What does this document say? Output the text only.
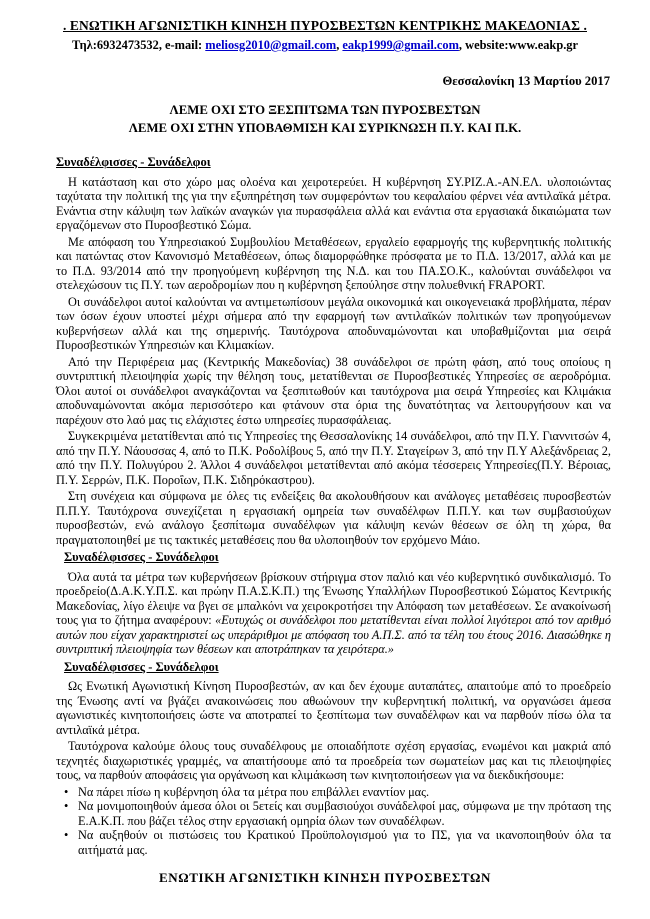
. ΕΝΩΤΙΚΗ ΑΓΩΝΙΣΤΙΚΗ ΚΙΝΗΣΗ ΠΥΡΟΣΒΕΣΤΩΝ ΚΕΝΤΡΙΚΗΣ ΜΑΚΕΔΟΝΙΑΣ .
Τηλ:6932473532, e-mail: meliosg2010@gmail.com, eakp1999@gmail.com, website:www.eakp.gr
Θεσσαλονίκη 13 Μαρτίου 2017
ΛΕΜΕ ΟΧΙ ΣΤΟ ΞΕΣΠΙΤΩΜΑ ΤΩΝ ΠΥΡΟΣΒΕΣΤΩΝ
ΛΕΜΕ ΟΧΙ ΣΤΗΝ ΥΠΟΒΑΘΜΙΣΗ ΚΑΙ ΣΥΡΙΚΝΩΣΗ Π.Υ. ΚΑΙ Π.Κ.
Συναδέλφισσες - Συνάδελφοι

Η κατάσταση και στο χώρο μας ολοένα και χειροτερεύει. Η κυβέρνηση ΣΥ.ΡΙΖ.Α.-ΑΝ.ΕΛ. υλοποιώντας ταχύτατα την πολιτική της για την εξυπηρέτηση των συμφερόντων του κεφαλαίου φέρνει νέα αντιλαϊκά μέτρα. Ενάντια στην κάλυψη των λαϊκών αναγκών για πυρασφάλεια αλλά και ενάντια στα εργασιακά δικαιώματα των εργαζόμενων στο Πυροσβεστικό Σώμα.

Με απόφαση του Υπηρεσιακού Συμβουλίου Μεταθέσεων, εργαλείο εφαρμογής της κυβερνητικής πολιτικής και πατώντας στον Κανονισμό Μεταθέσεων, όπως διαμορφώθηκε πρόσφατα με το Π.Δ. 13/2017, αλλά και με το Π.Δ. 93/2014 από την προηγούμενη κυβέρνηση της Ν.Δ. και του ΠΑ.ΣΟ.Κ., καλούνται συνάδελφοι να στελεχώσουν τις Π.Υ. των αεροδρομίων που η κυβέρνηση ξεπούλησε στην πολυεθνική FRAPORT.

Οι συνάδελφοι αυτοί καλούνται να αντιμετωπίσουν μεγάλα οικονομικά και οικογενειακά προβλήματα, πέραν των όσων έχουν υποστεί μέχρι σήμερα από την εφαρμογή των αντιλαϊκών πολιτικών των προηγούμενων κυβερνήσεων αλλά και της σημερινής. Ταυτόχρονα αποδυναμώνονται και υποβαθμίζονται μια σειρά Πυροσβεστικών Υπηρεσιών και Κλιμακίων.

Από την Περιφέρεια μας (Κεντρικής Μακεδονίας) 38 συνάδελφοι σε πρώτη φάση, από τους οποίους η συντριπτική πλειοψηφία χωρίς την θέληση τους, μετατίθενται σε Πυροσβεστικές Υπηρεσίες σε αεροδρόμια. Όλοι αυτοί οι συνάδελφοι αναγκάζονται να ξεσπιτωθούν και ταυτόχρονα μια σειρά Υπηρεσίες και Κλιμάκια αποδυναμώνονται ακόμα περισσότερο και φτάνουν στα όρια της δυνατότητας να λειτουργήσουν και να παρέχουν στο λαό μας τις ελάχιστες έστω υπηρεσίες πυρασφάλειας.

Συγκεκριμένα μετατίθενται από τις Υπηρεσίες της Θεσσαλονίκης 14 συνάδελφοι, από την Π.Υ. Γιαννιτσών 4, από την Π.Υ. Νάουσσας 4, από το Π.Κ. Ροδολίβους 5, από την Π.Υ. Σταγείρων 3, από την Π.Υ Αλεξάνδρειας 2, από την Π.Υ. Πολυγύρου 2. Άλλοι 4 συνάδελφοι μετατίθενται από ακόμα τέσσερεις Υπηρεσίες(Π.Υ. Βέροιας, Π.Υ. Σερρών, Π.Κ. Ποροΐων, Π.Κ. Σιδηρόκαστρου).

Στη συνέχεια και σύμφωνα με όλες τις ενδείξεις θα ακολουθήσουν και ανάλογες μεταθέσεις πυροσβεστών Π.Π.Υ. Ταυτόχρονα συνεχίζεται η εργασιακή ομηρεία των συναδέλφων Π.Π.Υ. και των συμβασιούχων πυροσβεστών, ενώ ανάλογο ξεσπίτωμα συναδέλφων για κάλυψη κενών θέσεων σε όλη τη χώρα, θα πραγματοποιηθεί με τις τακτικές μεταθέσεις που θα υλοποιηθούν τον ερχόμενο Μάιο.

Συναδέλφισσες - Συνάδελφοι

Όλα αυτά τα μέτρα των κυβερνήσεων βρίσκουν στήριγμα στον παλιό και νέο κυβερνητικό συνδικαλισμό. Το προεδρείο(Δ.Α.Κ.Υ.Π.Σ. και πρώην Π.Α.Σ.Κ.Π.) της Ένωσης Υπαλλήλων Πυροσβεστικού Σώματος Κεντρικής Μακεδονίας, λίγο έλειψε να βγει σε μπαλκόνι να χειροκροτήσει την Απόφαση των μεταθέσεων. Σε ανακοίνωσή τους για το ζήτημα αναφέρουν: «Ευτυχώς οι συνάδελφοι που μετατίθενται είναι πολλοί λιγότεροι από τον αριθμό αυτών που είχαν χαρακτηριστεί ως υπεράριθμοι με απόφαση του Α.Π.Σ. από τα τέλη του έτους 2016. Διασώθηκε η συντριπτική πλειοψηφία των θέσεων και αποτράπηκαν τα χειρότερα.»

Συναδέλφισσες - Συνάδελφοι

Ως Ενωτική Αγωνιστική Κίνηση Πυροσβεστών, αν και δεν έχουμε αυταπάτες, απαιτούμε από το προεδρείο της Ένωσης αντί να βγάζει ανακοινώσεις που αθωώνουν την κυβερνητική πολιτική, να οργανώσει άμεσα αγωνιστικές κινητοποιήσεις ώστε να αποτραπεί το ξεσπίτωμα των συναδέλφων και να παρθούν πίσω όλα τα αντιλαϊκά μέτρα.

Ταυτόχρονα καλούμε όλους τους συναδέλφους με οποιαδήποτε σχέση εργασίας, ενωμένοι και μακριά από τεχνητές διαχωριστικές γραμμές, να απαιτήσουμε από τα προεδρεία των σωματείων μας και τις πλειοψηφίες τους, να παρθούν αποφάσεις για οργάνωση και κλιμάκωση των κινητοποιήσεων για να διεκδικήσουμε:

• Να πάρει πίσω η κυβέρνηση όλα τα μέτρα που επιβάλλει εναντίον μας.
• Να μονιμοποιηθούν άμεσα όλοι οι 5ετείς και συμβασιούχοι συνάδελφοί μας, σύμφωνα με την πρόταση της Ε.Α.Κ.Π. που βάζει τέλος στην εργασιακή ομηρία όλων των συναδέλφων.
• Να αυξηθούν οι πιστώσεις του Κρατικού Προϋπολογισμού για το ΠΣ, για να ικανοποιηθούν όλα τα αιτήματά μας.
ΕΝΩΤΙΚΗ ΑΓΩΝΙΣΤΙΚΗ ΚΙΝΗΣΗ ΠΥΡΟΣΒΕΣΤΩΝ
